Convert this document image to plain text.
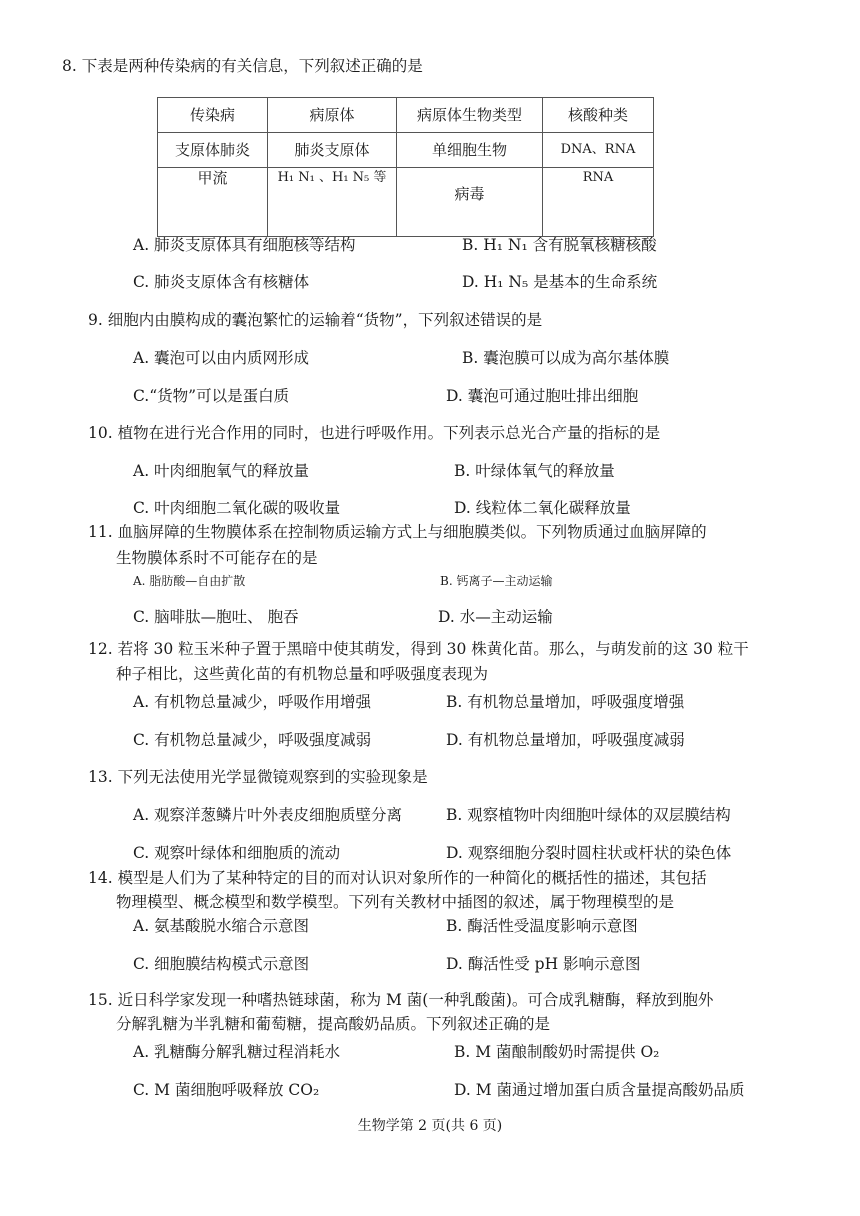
8. 下表是两种传染病的有关信息，下列叙述正确的是
传染病	病原体	病原体生物类型	核酸种类
支原体肺炎	肺炎支原体	单细胞生物	DNA、RNA
甲流	H₁ N₁ 、H₁ N₅ 等	病毒	RNA
A. 肺炎支原体具有细胞核等结构	B. H₁ N₁ 含有脱氧核糖核酸
C. 肺炎支原体含有核糖体	D. H₁ N₅ 是基本的生命系统
9. 细胞内由膜构成的囊泡繁忙的运输着“货物”，下列叙述错误的是
A. 囊泡可以由内质网形成	B. 囊泡膜可以成为高尔基体膜
C.“货物”可以是蛋白质	D. 囊泡可通过胞吐排出细胞
10. 植物在进行光合作用的同时，也进行呼吸作用。下列表示总光合产量的指标的是
A. 叶肉细胞氧气的释放量	B. 叶绿体氧气的释放量
C. 叶肉细胞二氧化碳的吸收量	D. 线粒体二氧化碳释放量
11. 血脑屏障的生物膜体系在控制物质运输方式上与细胞膜类似。下列物质通过血脑屏障的
生物膜体系时不可能存在的是
A. 脂肪酸—自由扩散	B. 钙离子—主动运输
C. 脑啡肽—胞吐、 胞吞	D. 水—主动运输
12. 若将 30 粒玉米种子置于黑暗中使其萌发，得到 30 株黄化苗。那么，与萌发前的这 30 粒干
种子相比，这些黄化苗的有机物总量和呼吸强度表现为
A. 有机物总量减少，呼吸作用增强	B. 有机物总量增加，呼吸强度增强
C. 有机物总量减少，呼吸强度减弱	D. 有机物总量增加，呼吸强度减弱
13. 下列无法使用光学显微镜观察到的实验现象是
A. 观察洋葱鳞片叶外表皮细胞质壁分离	B. 观察植物叶肉细胞叶绿体的双层膜结构
C. 观察叶绿体和细胞质的流动	D. 观察细胞分裂时圆柱状或杆状的染色体
14. 模型是人们为了某种特定的目的而对认识对象所作的一种简化的概括性的描述，其包括
物理模型、概念模型和数学模型。下列有关教材中插图的叙述，属于物理模型的是
A. 氨基酸脱水缩合示意图	B. 酶活性受温度影响示意图
C. 细胞膜结构模式示意图	D. 酶活性受 pH 影响示意图
15. 近日科学家发现一种嗜热链球菌，称为 M 菌(一种乳酸菌)。可合成乳糖酶，释放到胞外
分解乳糖为半乳糖和葡萄糖，提高酸奶品质。下列叙述正确的是
A. 乳糖酶分解乳糖过程消耗水	B. M 菌酿制酸奶时需提供 O₂
C. M 菌细胞呼吸释放 CO₂	D. M 菌通过增加蛋白质含量提高酸奶品质
生物学第 2 页(共 6 页)
